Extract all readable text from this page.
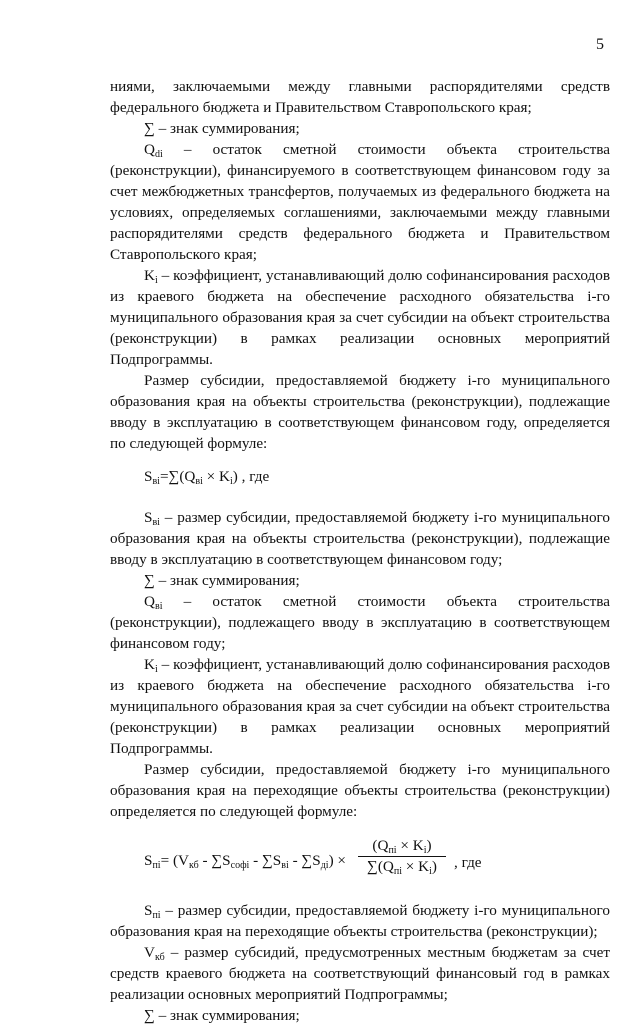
5

ниями, заключаемыми между главными распорядителями средств федерального бюджета и Правительством Ставропольского края;

∑ – знак суммирования;

$Q_{di}$ – остаток сметной стоимости объекта строительства (реконструкции), финансируемого в соответствующем финансовом году за счет межбюджетных трансфертов, получаемых из федерального бюджета на условиях, определяемых соглашениями, заключаемыми между главными распорядителями средств федерального бюджета и Правительством Ставропольского края;

$K_i$ – коэффициент, устанавливающий долю софинансирования расходов из краевого бюджета на обеспечение расходного обязательства i-го муниципального образования края за счет субсидии на объект строительства (реконструкции) в рамках реализации основных мероприятий Подпрограммы.

Размер субсидии, предоставляемой бюджету i-го муниципального образования края на объекты строительства (реконструкции), подлежащие вводу в эксплуатацию в соответствующем финансовом году, определяется по следующей формуле:

$S_{вi}=\sum(Q_{вi} \times K_i)$ , где

$S_{вi}$ – размер субсидии, предоставляемой бюджету i-го муниципального образования края на объекты строительства (реконструкции), подлежащие вводу в эксплуатацию в соответствующем финансовом году;

∑ – знак суммирования;

$Q_{вi}$ – остаток сметной стоимости объекта строительства (реконструкции), подлежащего вводу в эксплуатацию в соответствующем финансовом году;

$K_i$ – коэффициент, устанавливающий долю софинансирования расходов из краевого бюджета на обеспечение расходного обязательства i-го муниципального образования края за счет субсидии на объект строительства (реконструкции) в рамках реализации основных мероприятий Подпрограммы.

Размер субсидии, предоставляемой бюджету i-го муниципального образования края на переходящие объекты строительства (реконструкции) определяется по следующей формуле:

$S_{пi}= (V_{кб} - \sum S_{софi} - \sum S_{вi} - \sum S_{дi})$ ×
$(Q_{пi} \times K_i)$
$\sum(Q_{пi} \times K_i)$	, где

$S_{пi}$ – размер субсидии, предоставляемой бюджету i-го муниципального образования края на переходящие объекты строительства (реконструкции);

$V_{кб}$ – размер субсидий, предусмотренных местным бюджетам за счет средств краевого бюджета на соответствующий финансовый год в рамках реализации основных мероприятий Подпрограммы;

∑ – знак суммирования;
